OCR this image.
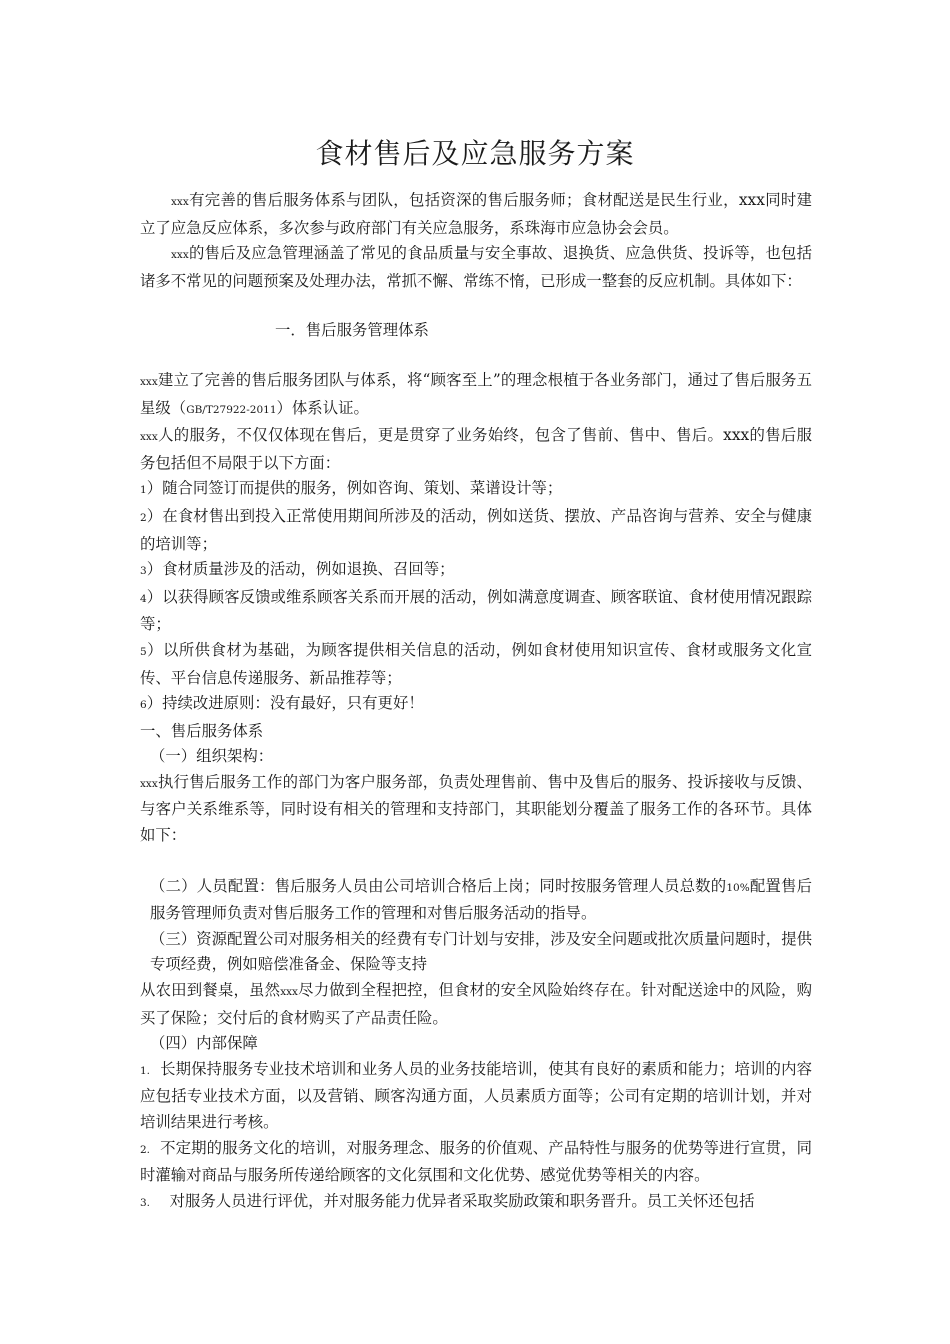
食材售后及应急服务方案

xxx有完善的售后服务体系与团队，包括资深的售后服务师；食材配送是民生行业，xxx同时建立了应急反应体系，多次参与政府部门有关应急服务，系珠海市应急协会会员。

xxx的售后及应急管理涵盖了常见的食品质量与安全事故、退换货、应急供货、投诉等，也包括诸多不常见的问题预案及处理办法，常抓不懈、常练不惰，已形成一整套的反应机制。具体如下：

一．售后服务管理体系

xxx建立了完善的售后服务团队与体系，将“顾客至上”的理念根植于各业务部门，通过了售后服务五星级（GB/T27922-2011）体系认证。

xxx人的服务，不仅仅体现在售后，更是贯穿了业务始终，包含了售前、售中、售后。xxx的售后服务包括但不局限于以下方面：

1）随合同签订而提供的服务，例如咨询、策划、菜谱设计等；

2）在食材售出到投入正常使用期间所涉及的活动，例如送货、摆放、产品咨询与营养、安全与健康的培训等；

3）食材质量涉及的活动，例如退换、召回等；

4）以获得顾客反馈或维系顾客关系而开展的活动，例如满意度调查、顾客联谊、食材使用情况跟踪等；

5）以所供食材为基础，为顾客提供相关信息的活动，例如食材使用知识宣传、食材或服务文化宣传、平台信息传递服务、新品推荐等；

6）持续改进原则：没有最好，只有更好！

一、售后服务体系

（一）组织架构：

xxx执行售后服务工作的部门为客户服务部，负责处理售前、售中及售后的服务、投诉接收与反馈、与客户关系维系等，同时设有相关的管理和支持部门，其职能划分覆盖了服务工作的各环节。具体如下：

（二）人员配置：售后服务人员由公司培训合格后上岗；同时按服务管理人员总数的10%配置售后服务管理师负责对售后服务工作的管理和对售后服务活动的指导。

（三）资源配置公司对服务相关的经费有专门计划与安排，涉及安全问题或批次质量问题时，提供专项经费，例如赔偿准备金、保险等支持

从农田到餐桌，虽然xxx尽力做到全程把控，但食材的安全风险始终存在。针对配送途中的风险，购买了保险；交付后的食材购买了产品责任险。

（四）内部保障

1. 长期保持服务专业技术培训和业务人员的业务技能培训，使其有良好的素质和能力；培训的内容应包括专业技术方面，以及营销、顾客沟通方面，人员素质方面等；公司有定期的培训计划，并对培训结果进行考核。

2. 不定期的服务文化的培训，对服务理念、服务的价值观、产品特性与服务的优势等进行宣贯，同时灌输对商品与服务所传递给顾客的文化氛围和文化优势、感觉优势等相关的内容。

3. 对服务人员进行评优，并对服务能力优异者采取奖励政策和职务晋升。员工关怀还包括
